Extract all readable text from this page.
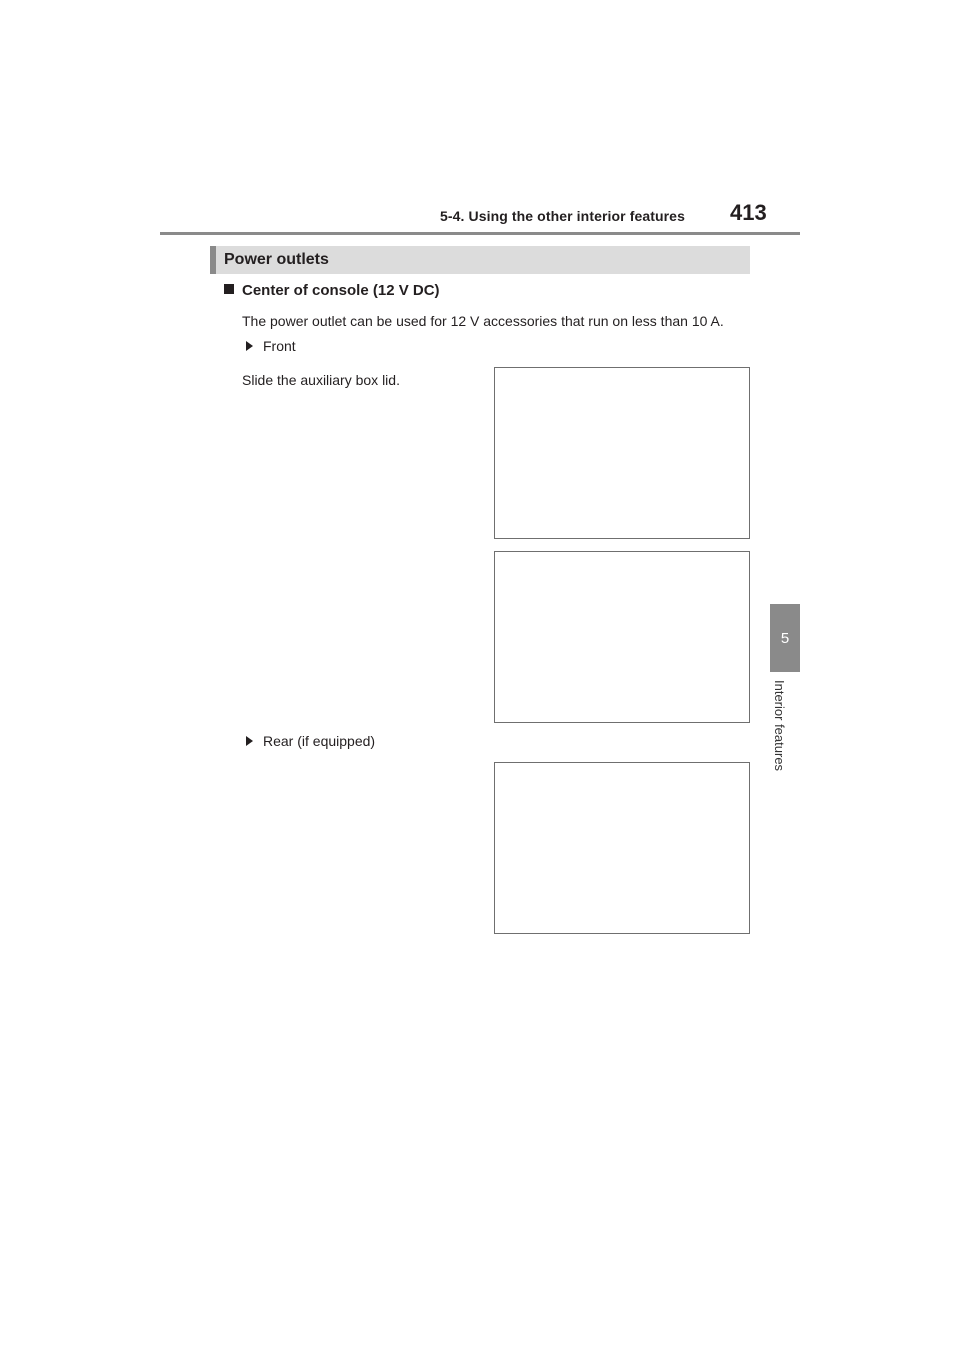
5-4. Using the other interior features 413
5
Interior features
Power outlets
Center of console (12 V DC)
The power outlet can be used for 12 V accessories that run on less than 10 A.
Front
Slide the auxiliary box lid.
Rear (if equipped)
